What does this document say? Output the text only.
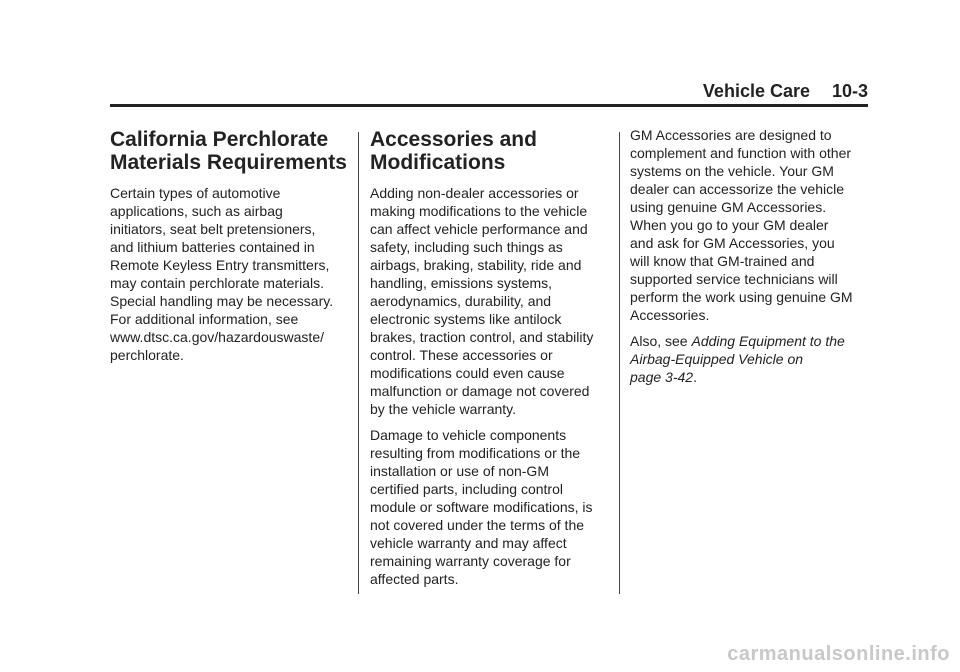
Vehicle Care 10-3
California Perchlorate
Materials Requirements

Certain types of automotive
applications, such as airbag
initiators, seat belt pretensioners,
and lithium batteries contained in
Remote Keyless Entry transmitters,
may contain perchlorate materials.
Special handling may be necessary.
For additional information, see
www.dtsc.ca.gov/hazardouswaste/
perchlorate.

Accessories and
Modifications

Adding non-dealer accessories or
making modifications to the vehicle
can affect vehicle performance and
safety, including such things as
airbags, braking, stability, ride and
handling, emissions systems,
aerodynamics, durability, and
electronic systems like antilock
brakes, traction control, and stability
control. These accessories or
modifications could even cause
malfunction or damage not covered
by the vehicle warranty.

Damage to vehicle components
resulting from modifications or the
installation or use of non-GM
certified parts, including control
module or software modifications, is
not covered under the terms of the
vehicle warranty and may affect
remaining warranty coverage for
affected parts.

GM Accessories are designed to
complement and function with other
systems on the vehicle. Your GM
dealer can accessorize the vehicle
using genuine GM Accessories.
When you go to your GM dealer
and ask for GM Accessories, you
will know that GM-trained and
supported service technicians will
perform the work using genuine GM
Accessories.

Also, see Adding Equipment to the
Airbag-Equipped Vehicle on
page 3-42.

carmanualsonline.info
